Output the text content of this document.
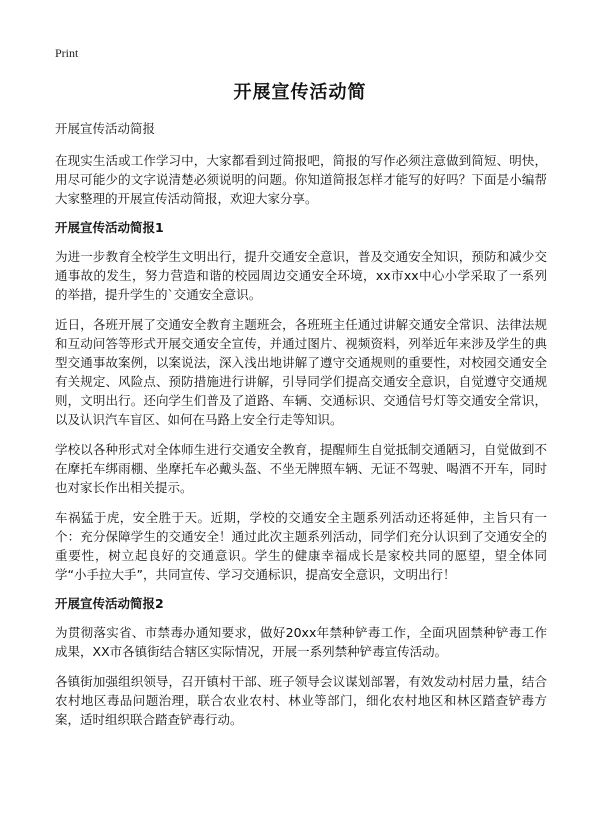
Print
开展宣传活动简
开展宣传活动简报

在现实生活或工作学习中，大家都看到过简报吧，简报的写作必须注意做到简短、明快，用尽可能少的文字说清楚必须说明的问题。你知道简报怎样才能写的好吗？下面是小编帮大家整理的开展宣传活动简报，欢迎大家分享。

开展宣传活动简报1

为进一步教育全校学生文明出行，提升交通安全意识，普及交通安全知识，预防和减少交通事故的发生，努力营造和谐的校园周边交通安全环境，xx市xx中心小学采取了一系列的举措，提升学生的`交通安全意识。

近日，各班开展了交通安全教育主题班会，各班班主任通过讲解交通安全常识、法律法规和互动问答等形式开展交通安全宣传，并通过图片、视频资料，列举近年来涉及学生的典型交通事故案例，以案说法，深入浅出地讲解了遵守交通规则的重要性，对校园交通安全有关规定、风险点、预防措施进行讲解，引导同学们提高交通安全意识，自觉遵守交通规则，文明出行。还向学生们普及了道路、车辆、交通标识、交通信号灯等交通安全常识，以及认识汽车盲区、如何在马路上安全行走等知识。

学校以各种形式对全体师生进行交通安全教育，提醒师生自觉抵制交通陋习，自觉做到不在摩托车绑雨棚、坐摩托车必戴头盔、不坐无牌照车辆、无证不驾驶、喝酒不开车，同时也对家长作出相关提示。

车祸猛于虎，安全胜于天。近期，学校的交通安全主题系列活动还将延伸，主旨只有一个：充分保障学生的交通安全！通过此次主题系列活动，同学们充分认识到了交通安全的重要性，树立起良好的交通意识。学生的健康幸福成长是家校共同的愿望，望全体同学“小手拉大手”，共同宣传、学习交通标识，提高安全意识，文明出行！

开展宣传活动简报2

为贯彻落实省、市禁毒办通知要求，做好20xx年禁种铲毒工作，全面巩固禁种铲毒工作成果，XX市各镇街结合辖区实际情况，开展一系列禁种铲毒宣传活动。

各镇街加强组织领导，召开镇村干部、班子领导会议谋划部署，有效发动村居力量，结合农村地区毒品问题治理，联合农业农村、林业等部门，细化农村地区和林区踏查铲毒方案，适时组织联合踏查铲毒行动。
